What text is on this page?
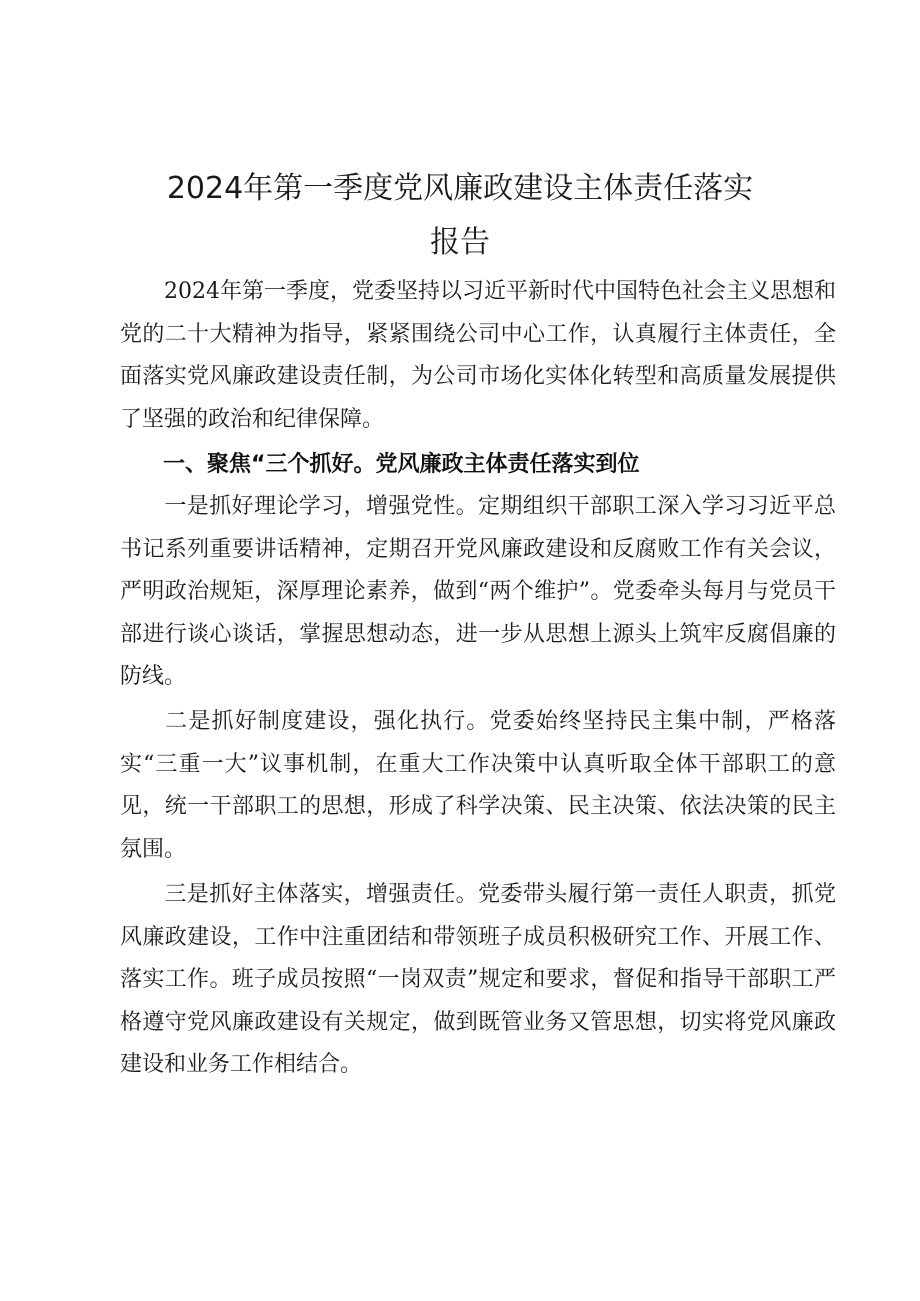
2024年第一季度党风廉政建设主体责任落实
报告

2024年第一季度，党委坚持以习近平新时代中国特色社会主义思想和党的二十大精神为指导，紧紧围绕公司中心工作，认真履行主体责任，全面落实党风廉政建设责任制，为公司市场化实体化转型和高质量发展提供了坚强的政治和纪律保障。

一、聚焦“三个抓好。党风廉政主体责任落实到位

一是抓好理论学习，增强党性。定期组织干部职工深入学习习近平总书记系列重要讲话精神，定期召开党风廉政建设和反腐败工作有关会议，严明政治规矩，深厚理论素养，做到“两个维护”。党委牵头每月与党员干部进行谈心谈话，掌握思想动态，进一步从思想上源头上筑牢反腐倡廉的防线。

二是抓好制度建设，强化执行。党委始终坚持民主集中制，严格落实“三重一大”议事机制，在重大工作决策中认真听取全体干部职工的意见，统一干部职工的思想，形成了科学决策、民主决策、依法决策的民主氛围。

三是抓好主体落实，增强责任。党委带头履行第一责任人职责，抓党风廉政建设，工作中注重团结和带领班子成员积极研究工作、开展工作、落实工作。班子成员按照“一岗双责”规定和要求，督促和指导干部职工严格遵守党风廉政建设有关规定，做到既管业务又管思想，切实将党风廉政建设和业务工作相结合。
